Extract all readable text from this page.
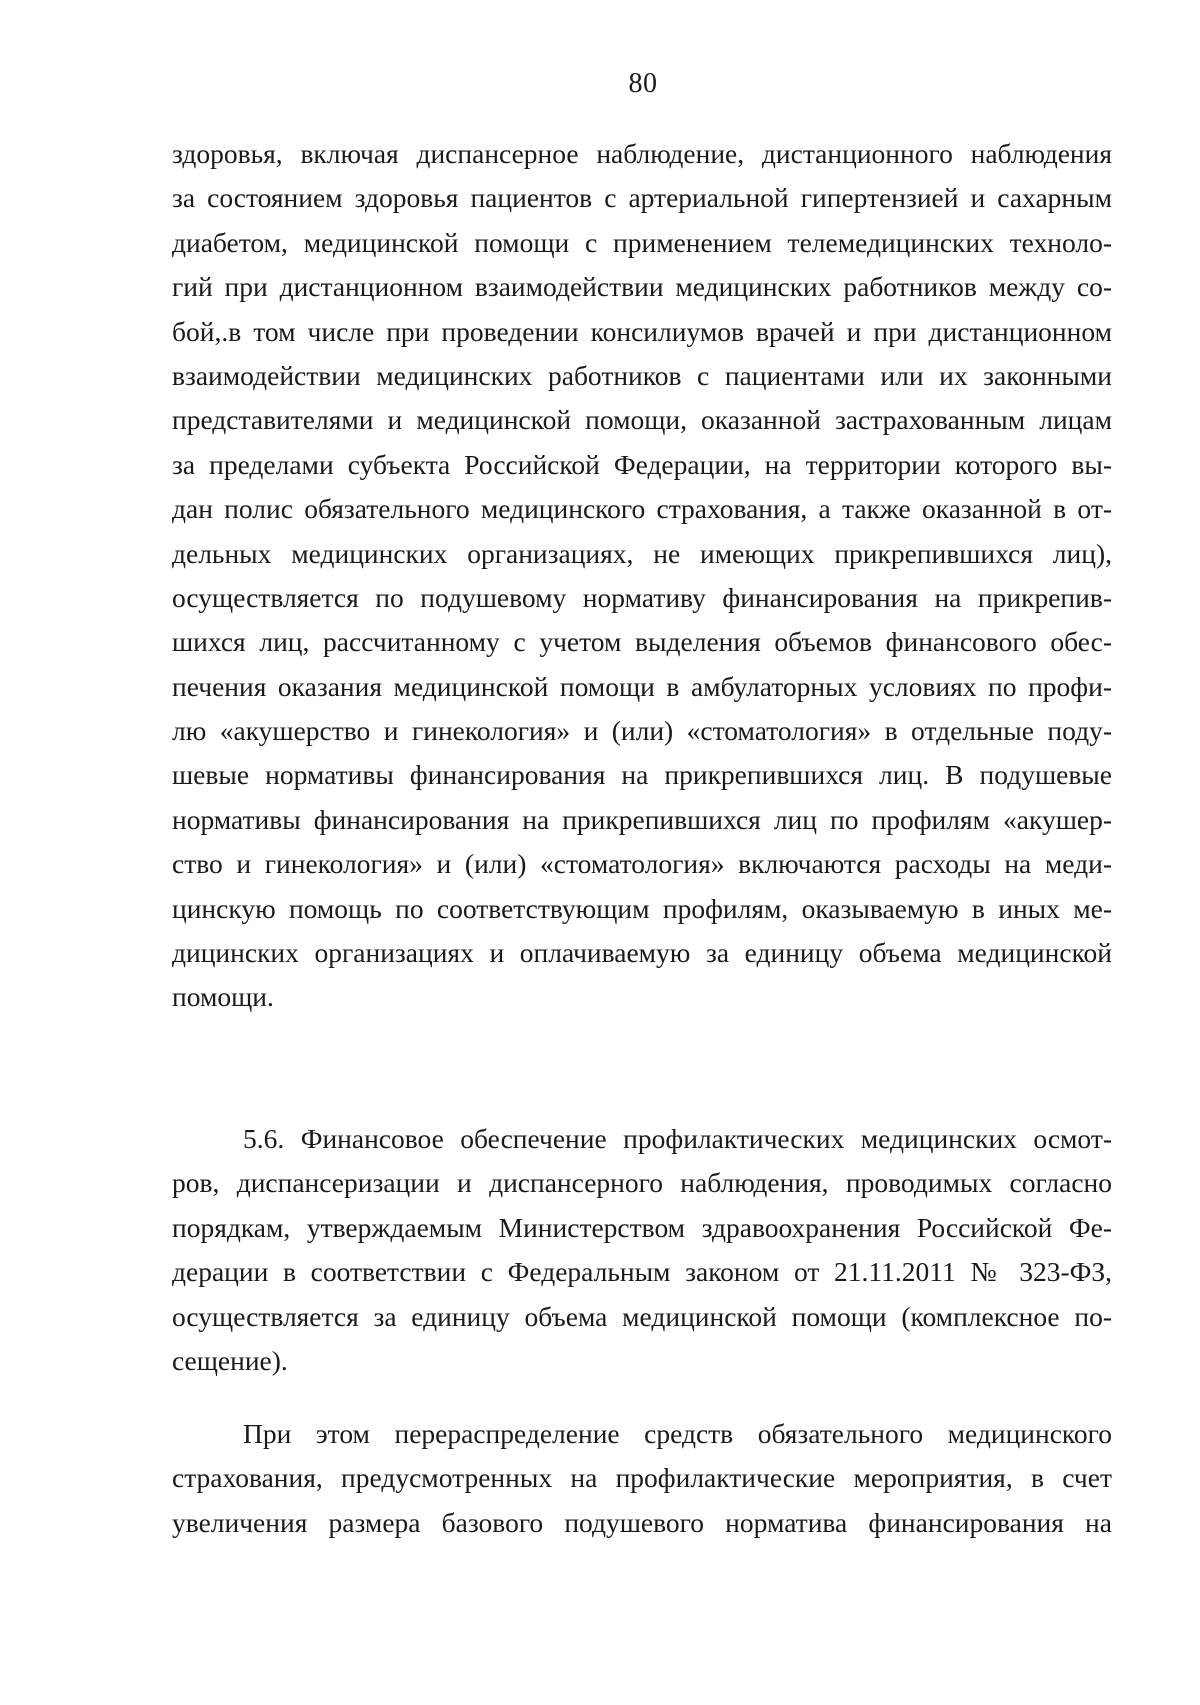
80
здоровья, включая диспансерное наблюдение, дистанционного наблюдения
за состоянием здоровья пациентов с артериальной гипертензией и сахарным
диабетом, медицинской помощи с применением телемедицинских техноло-
гий при дистанционном взаимодействии медицинских работников между со-
бой,.в том числе при проведении консилиумов врачей и при дистанционном
взаимодействии медицинских работников с пациентами или их законными
представителями и медицинской помощи, оказанной застрахованным лицам
за пределами субъекта Российской Федерации, на территории которого вы-
дан полис обязательного медицинского страхования, а также оказанной в от-
дельных медицинских организациях, не имеющих прикрепившихся лиц),
осуществляется по подушевому нормативу финансирования на прикрепив-
шихся лиц, рассчитанному с учетом выделения объемов финансового обес-
печения оказания медицинской помощи в амбулаторных условиях по профи-
лю «акушерство и гинекология» и (или) «стоматология» в отдельные поду-
шевые нормативы финансирования на прикрепившихся лиц. В подушевые
нормативы финансирования на прикрепившихся лиц по профилям «акушер-
ство и гинекология» и (или) «стоматология» включаются расходы на меди-
цинскую помощь по соответствующим профилям, оказываемую в иных ме-
дицинских организациях и оплачиваемую за единицу объема медицинской
помощи.
5.6. Финансовое обеспечение профилактических медицинских осмот-
ров, диспансеризации и диспансерного наблюдения, проводимых согласно
порядкам, утверждаемым Министерством здравоохранения Российской Фе-
дерации в соответствии с Федеральным законом от 21.11.2011 № 323-ФЗ,
осуществляется за единицу объема медицинской помощи (комплексное по-
сещение).
При этом перераспределение средств обязательного медицинского
страхования, предусмотренных на профилактические мероприятия, в счет
увеличения размера базового подушевого норматива финансирования на
